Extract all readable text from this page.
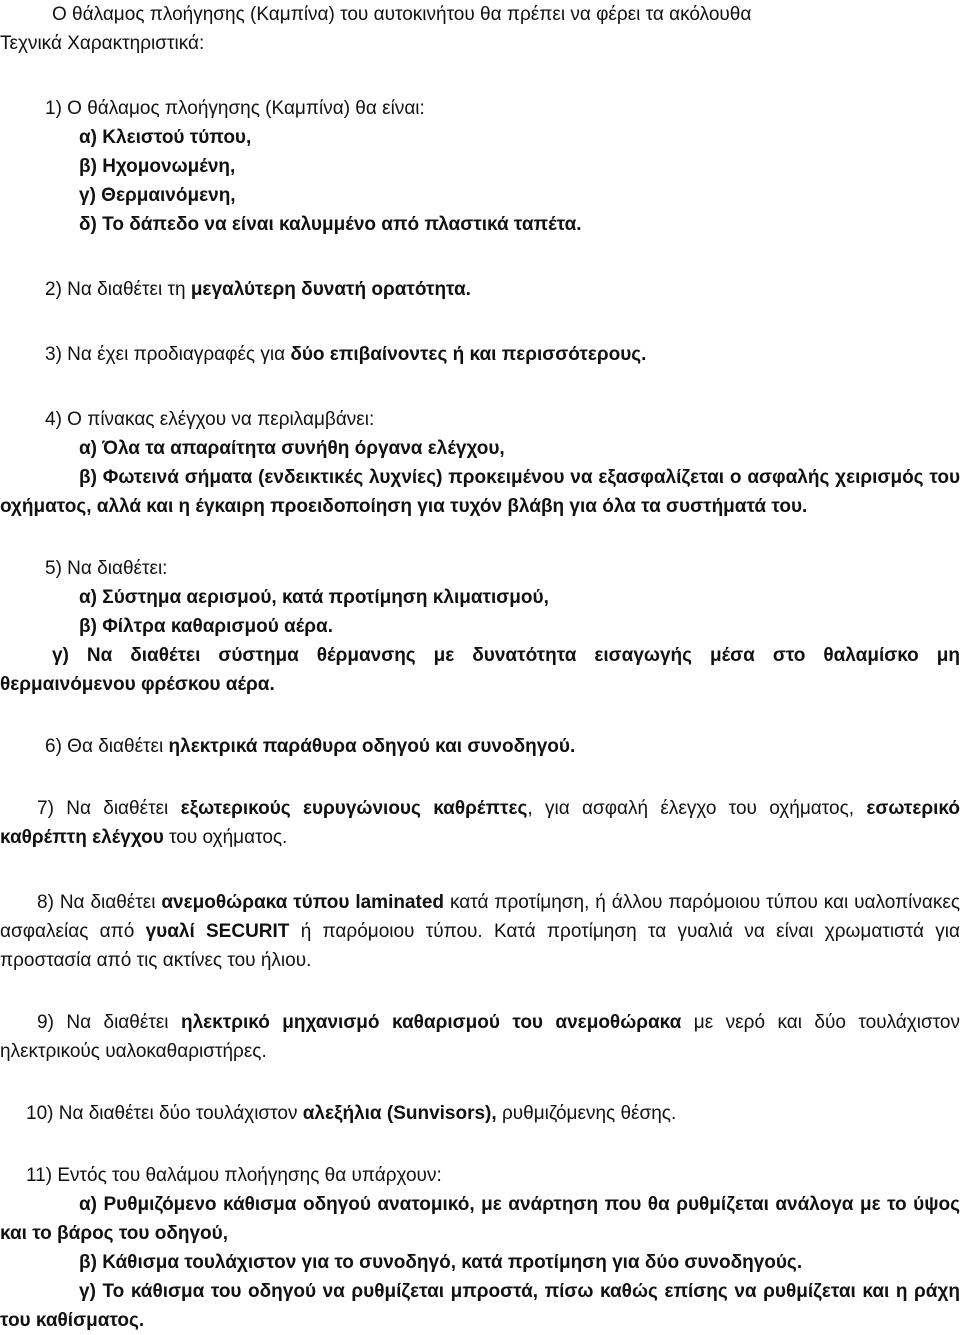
Ο θάλαμος πλοήγησης (Καμπίνα) του αυτοκινήτου θα πρέπει να φέρει τα ακόλουθα
Τεχνικά Χαρακτηριστικά:

1) Ο θάλαμος πλοήγησης (Καμπίνα) θα είναι:

α) Κλειστού τύπου,

β) Ηχομονωμένη,

γ) Θερμαινόμενη,

δ) Το δάπεδο να είναι καλυμμένο από πλαστικά ταπέτα.

2) Να διαθέτει τη μεγαλύτερη δυνατή ορατότητα.

3) Να έχει προδιαγραφές για δύο επιβαίνοντες ή και περισσότερους.

4) Ο πίνακας ελέγχου να περιλαμβάνει:

α) Όλα τα απαραίτητα συνήθη όργανα ελέγχου,

β) Φωτεινά σήματα (ενδεικτικές λυχνίες) προκειμένου να εξασφαλίζεται ο ασφαλής χειρισμός του οχήματος, αλλά και η έγκαιρη προειδοποίηση για τυχόν βλάβη για όλα τα συστήματά του.

5) Να διαθέτει:

α) Σύστημα αερισμού, κατά προτίμηση κλιματισμού,

β) Φίλτρα καθαρισμού αέρα.

γ) Να διαθέτει σύστημα θέρμανσης με δυνατότητα εισαγωγής μέσα στο θαλαμίσκο μη θερμαινόμενου φρέσκου αέρα.

6) Θα διαθέτει ηλεκτρικά παράθυρα οδηγού και συνοδηγού.

7) Να διαθέτει εξωτερικούς ευρυγώνιους καθρέπτες, για ασφαλή έλεγχο του οχήματος, εσωτερικό καθρέπτη ελέγχου του οχήματος.

8) Να διαθέτει ανεμοθώρακα τύπου laminated κατά προτίμηση, ή άλλου παρόμοιου τύπου και υαλοπίνακες ασφαλείας από γυαλί SECURIT ή παρόμοιου τύπου. Κατά προτίμηση τα γυαλιά να είναι χρωματιστά για προστασία από τις ακτίνες του ήλιου.

9) Να διαθέτει ηλεκτρικό μηχανισμό καθαρισμού του ανεμοθώρακα με νερό και δύο τουλάχιστον ηλεκτρικούς υαλοκαθαριστήρες.

10) Να διαθέτει δύο τουλάχιστον αλεξήλια (Sunvisors), ρυθμιζόμενης θέσης.

11) Εντός του θαλάμου πλοήγησης θα υπάρχουν:

α) Ρυθμιζόμενο κάθισμα οδηγού ανατομικό, με ανάρτηση που θα ρυθμίζεται ανάλογα με το ύψος και το βάρος του οδηγού,

β) Κάθισμα τουλάχιστον για το συνοδηγό, κατά προτίμηση για δύο συνοδηγούς.

γ) Το κάθισμα του οδηγού να ρυθμίζεται μπροστά, πίσω καθώς επίσης να ρυθμίζεται και η ράχη του καθίσματος.
